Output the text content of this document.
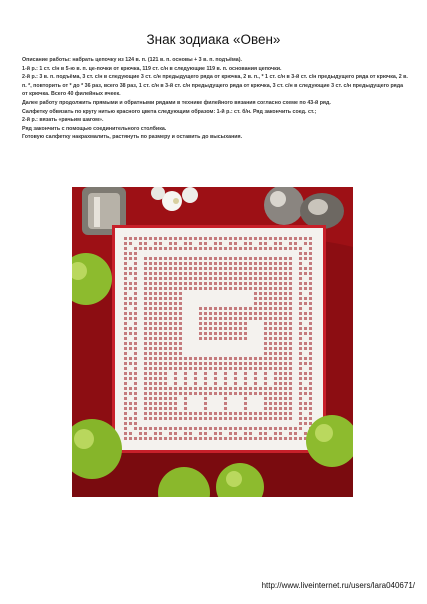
Знак зодиака «Овен»

Описание работы: набрать цепочку из 124 в. п. (121 в. п. основы + 3 в. п. подъёма).

1-й р.: 1 ст. с/н в 5-ю в. п. це-почки от крючка, 119 ст. с/н в следующие 119 в. п. основания цепочки.

2-й р.: 3 в. п. подъёма, 3 ст. с/н в следующие 3 ст. с/н предыдущего ряда от крючка, 2 в. п., * 1 ст. с/н в 3-й ст. с/н предыдущего ряда от крючка, 2 в. п. *, повторить от * до * 36 раз, всего 38 раз, 1 ст. с/н в 3-й ст. с/н предыдущего ряда от крючка, 3 ст. с/н в следующие 3 ст. с/н предыдущего ряда от крючка. Всего 40 филейных ячеек.

Далее работу продолжить прямыми и обратными рядами в технике филейного вязания согласно схеме по 43-й ряд.

Салфетку обвязать по кругу нитью красного цвета следующим образом: 1-й р.: ст. б/н. Ряд закончить соед. ст.;

2-й р.: вязать «рачьим шагом».

Ряд закончить с помощью соединительного столбика.

Готовую салфетку накрахмалить, растянуть по размеру и оставить до высыхания.

http://www.liveinternet.ru/users/lara040671/
